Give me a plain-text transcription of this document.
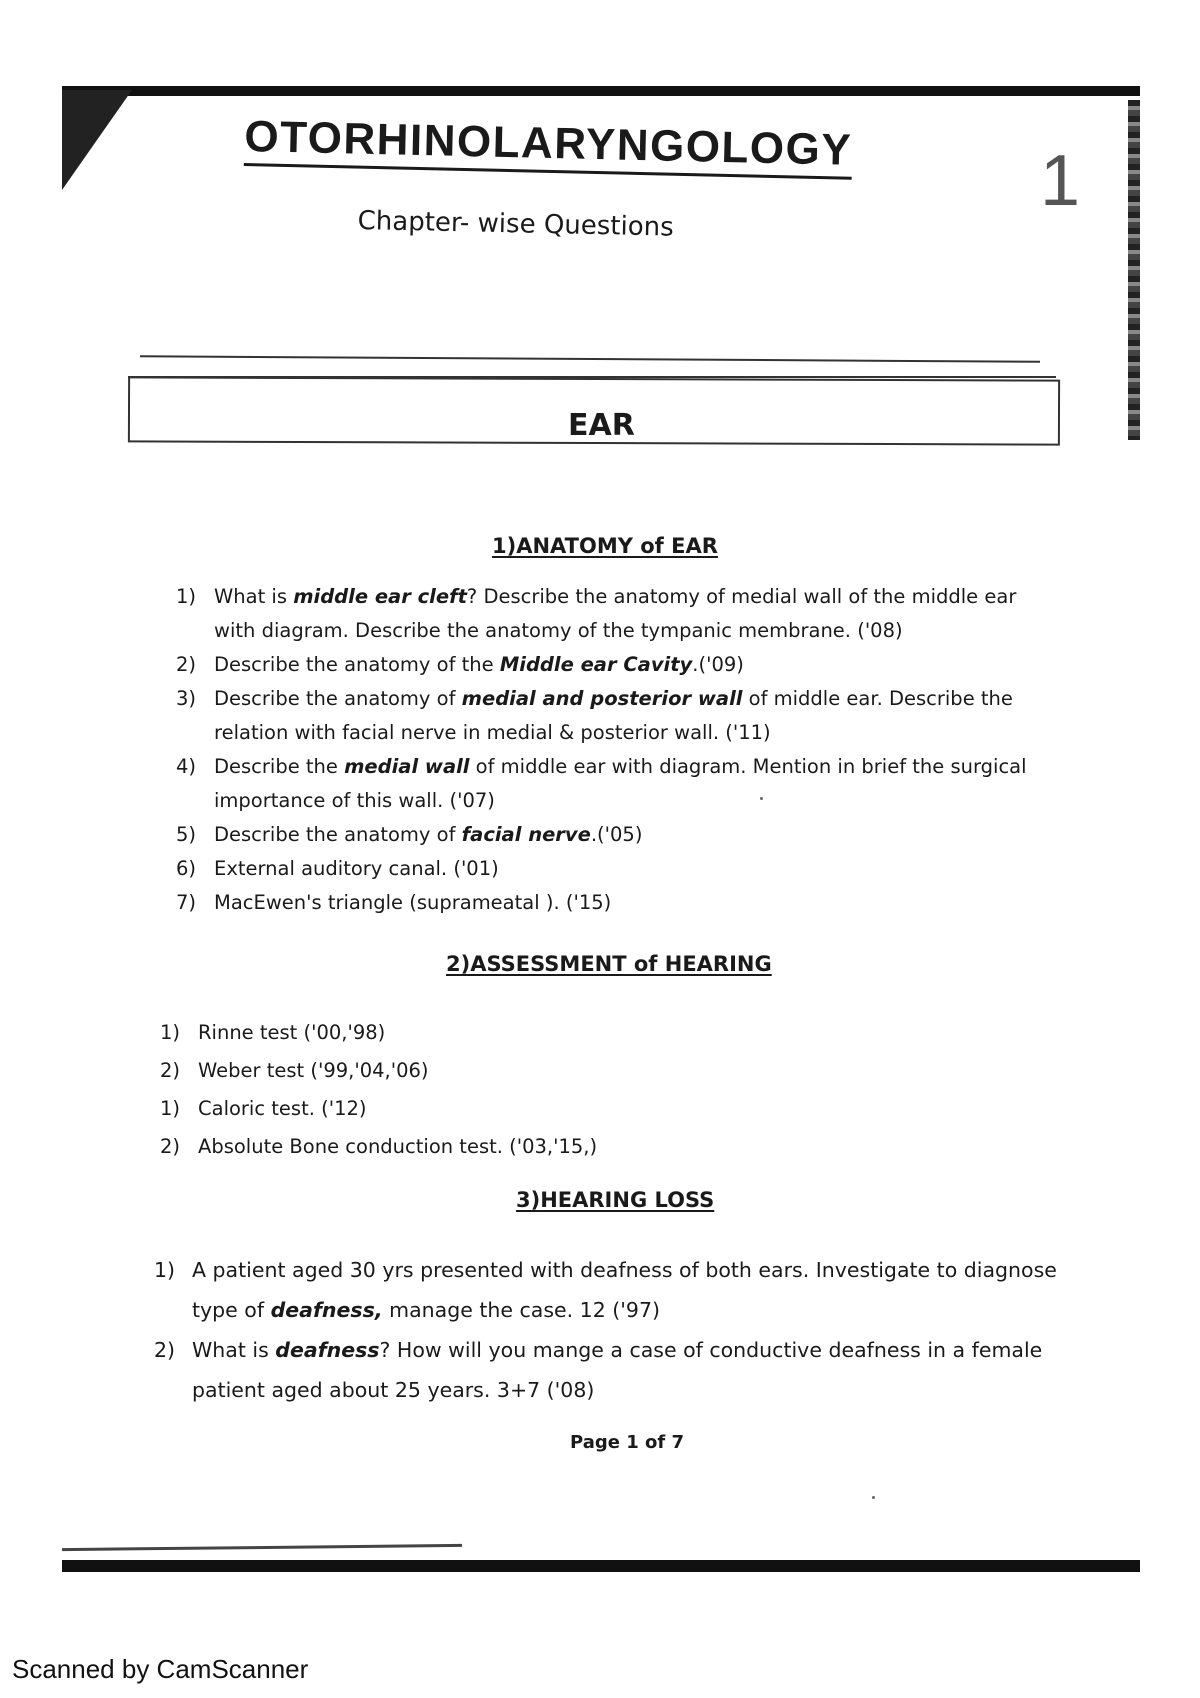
OTORHINOLARYNGOLOGY	1
Chapter- wise Questions
EAR
1)ANATOMY of EAR
1) What is middle ear cleft? Describe the anatomy of medial wall of the middle ear
with diagram. Describe the anatomy of the tympanic membrane. ('08)
2) Describe the anatomy of the Middle ear Cavity.('09)
3) Describe the anatomy of medial and posterior wall of middle ear. Describe the
relation with facial nerve in medial & posterior wall. ('11)
4) Describe the medial wall of middle ear with diagram. Mention in brief the surgical
importance of this wall. ('07)
5) Describe the anatomy of facial nerve.('05)
6) External auditory canal. ('01)
7) MacEwen's triangle (suprameatal ). ('15)
2)ASSESSMENT of HEARING
1) Rinne test ('00,'98)
2) Weber test ('99,'04,'06)
1) Caloric test. ('12)
2) Absolute Bone conduction test. ('03,'15,)
3)HEARING LOSS
1) A patient aged 30 yrs presented with deafness of both ears. Investigate to diagnose
type of deafness, manage the case. 12 ('97)
2) What is deafness? How will you mange a case of conductive deafness in a female
patient aged about 25 years. 3+7 ('08)
Page 1 of 7
Scanned by CamScanner
